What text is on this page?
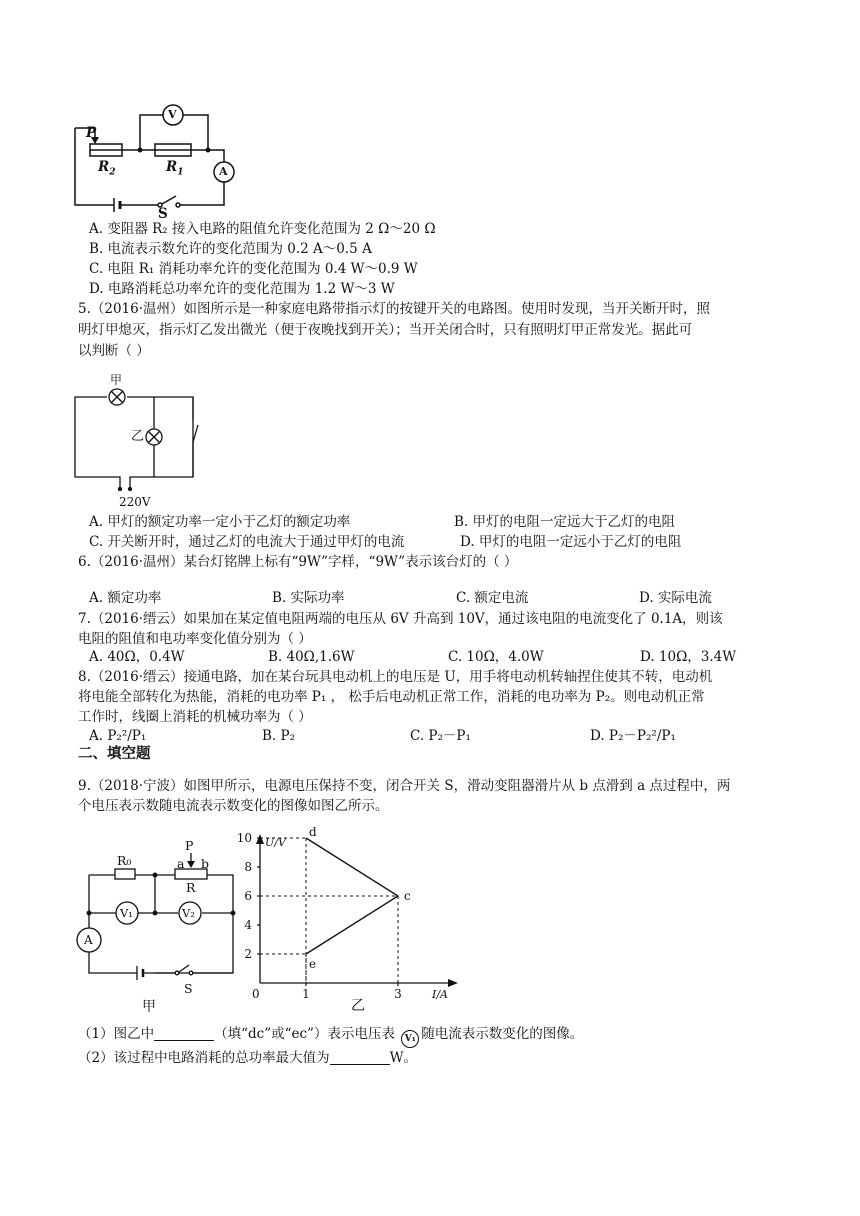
V
A
P
$R_2$	$R_1$
S
A. 变阻器 R₂ 接入电路的阻值允许变化范围为 2 Ω～20 Ω
B. 电流表示数允许的变化范围为 0.2 A～0.5 A
C. 电阻 R₁ 消耗功率允许的变化范围为 0.4 W～0.9 W
D. 电路消耗总功率允许的变化范围为 1.2 W～3 W
5.（2016·温州）如图所示是一种家庭电路带指示灯的按键开关的电路图。使用时发现，当开关断开时，照
明灯甲熄灭，指示灯乙发出微光（便于夜晚找到开关）；当开关闭合时，只有照明灯甲正常发光。据此可
以判断（ ）
甲
乙
220V
A. 甲灯的额定功率一定小于乙灯的额定功率	B. 甲灯的电阻一定远大于乙灯的电阻
C. 开关断开时，通过乙灯的电流大于通过甲灯的电流	D. 甲灯的电阻一定远小于乙灯的电阻
6.（2016·温州）某台灯铭牌上标有“9W”字样，“9W”表示该台灯的（ ）
A. 额定功率	B. 实际功率	C. 额定电流	D. 实际电流
7.（2016·缙云）如果加在某定值电阻两端的电压从 6V 升高到 10V，通过该电阻的电流变化了 0.1A，则该
电阻的阻值和电功率变化值分别为（ ）
A. 40Ω，0.4W	B. 40Ω,1.6W	C. 10Ω，4.0W	D. 10Ω，3.4W
8.（2016·缙云）接通电路，加在某台玩具电动机上的电压是 U，用手将电动机转轴捏住使其不转，电动机
将电能全部转化为热能，消耗的电功率 P₁ ， 松手后电动机正常工作，消耗的电功率为 P₂。则电动机正常
工作时，线圈上消耗的机械功率为（ ）
A. P₂²/P₁	B. P₂	C. P₂－P₁	D. P₂－P₂²/P₁
二、填空题
9.（2018·宁波）如图甲所示，电源电压保持不变，闭合开关 S，滑动变阻器滑片从 b 点滑到 a 点过程中，两
个电压表示数随电流表示数变化的图像如图乙所示。
R₀
P
a b
R
V₁	V₂
A
S
甲
U/V
I/A
0
乙
2
4
6
8
10
1	3
d
c
e
（1）图乙中	（填“dc”或“ec”）表示电压表 V₁ 随电流表示数变化的图像。
（2）该过程中电路消耗的总功率最大值为	W。
